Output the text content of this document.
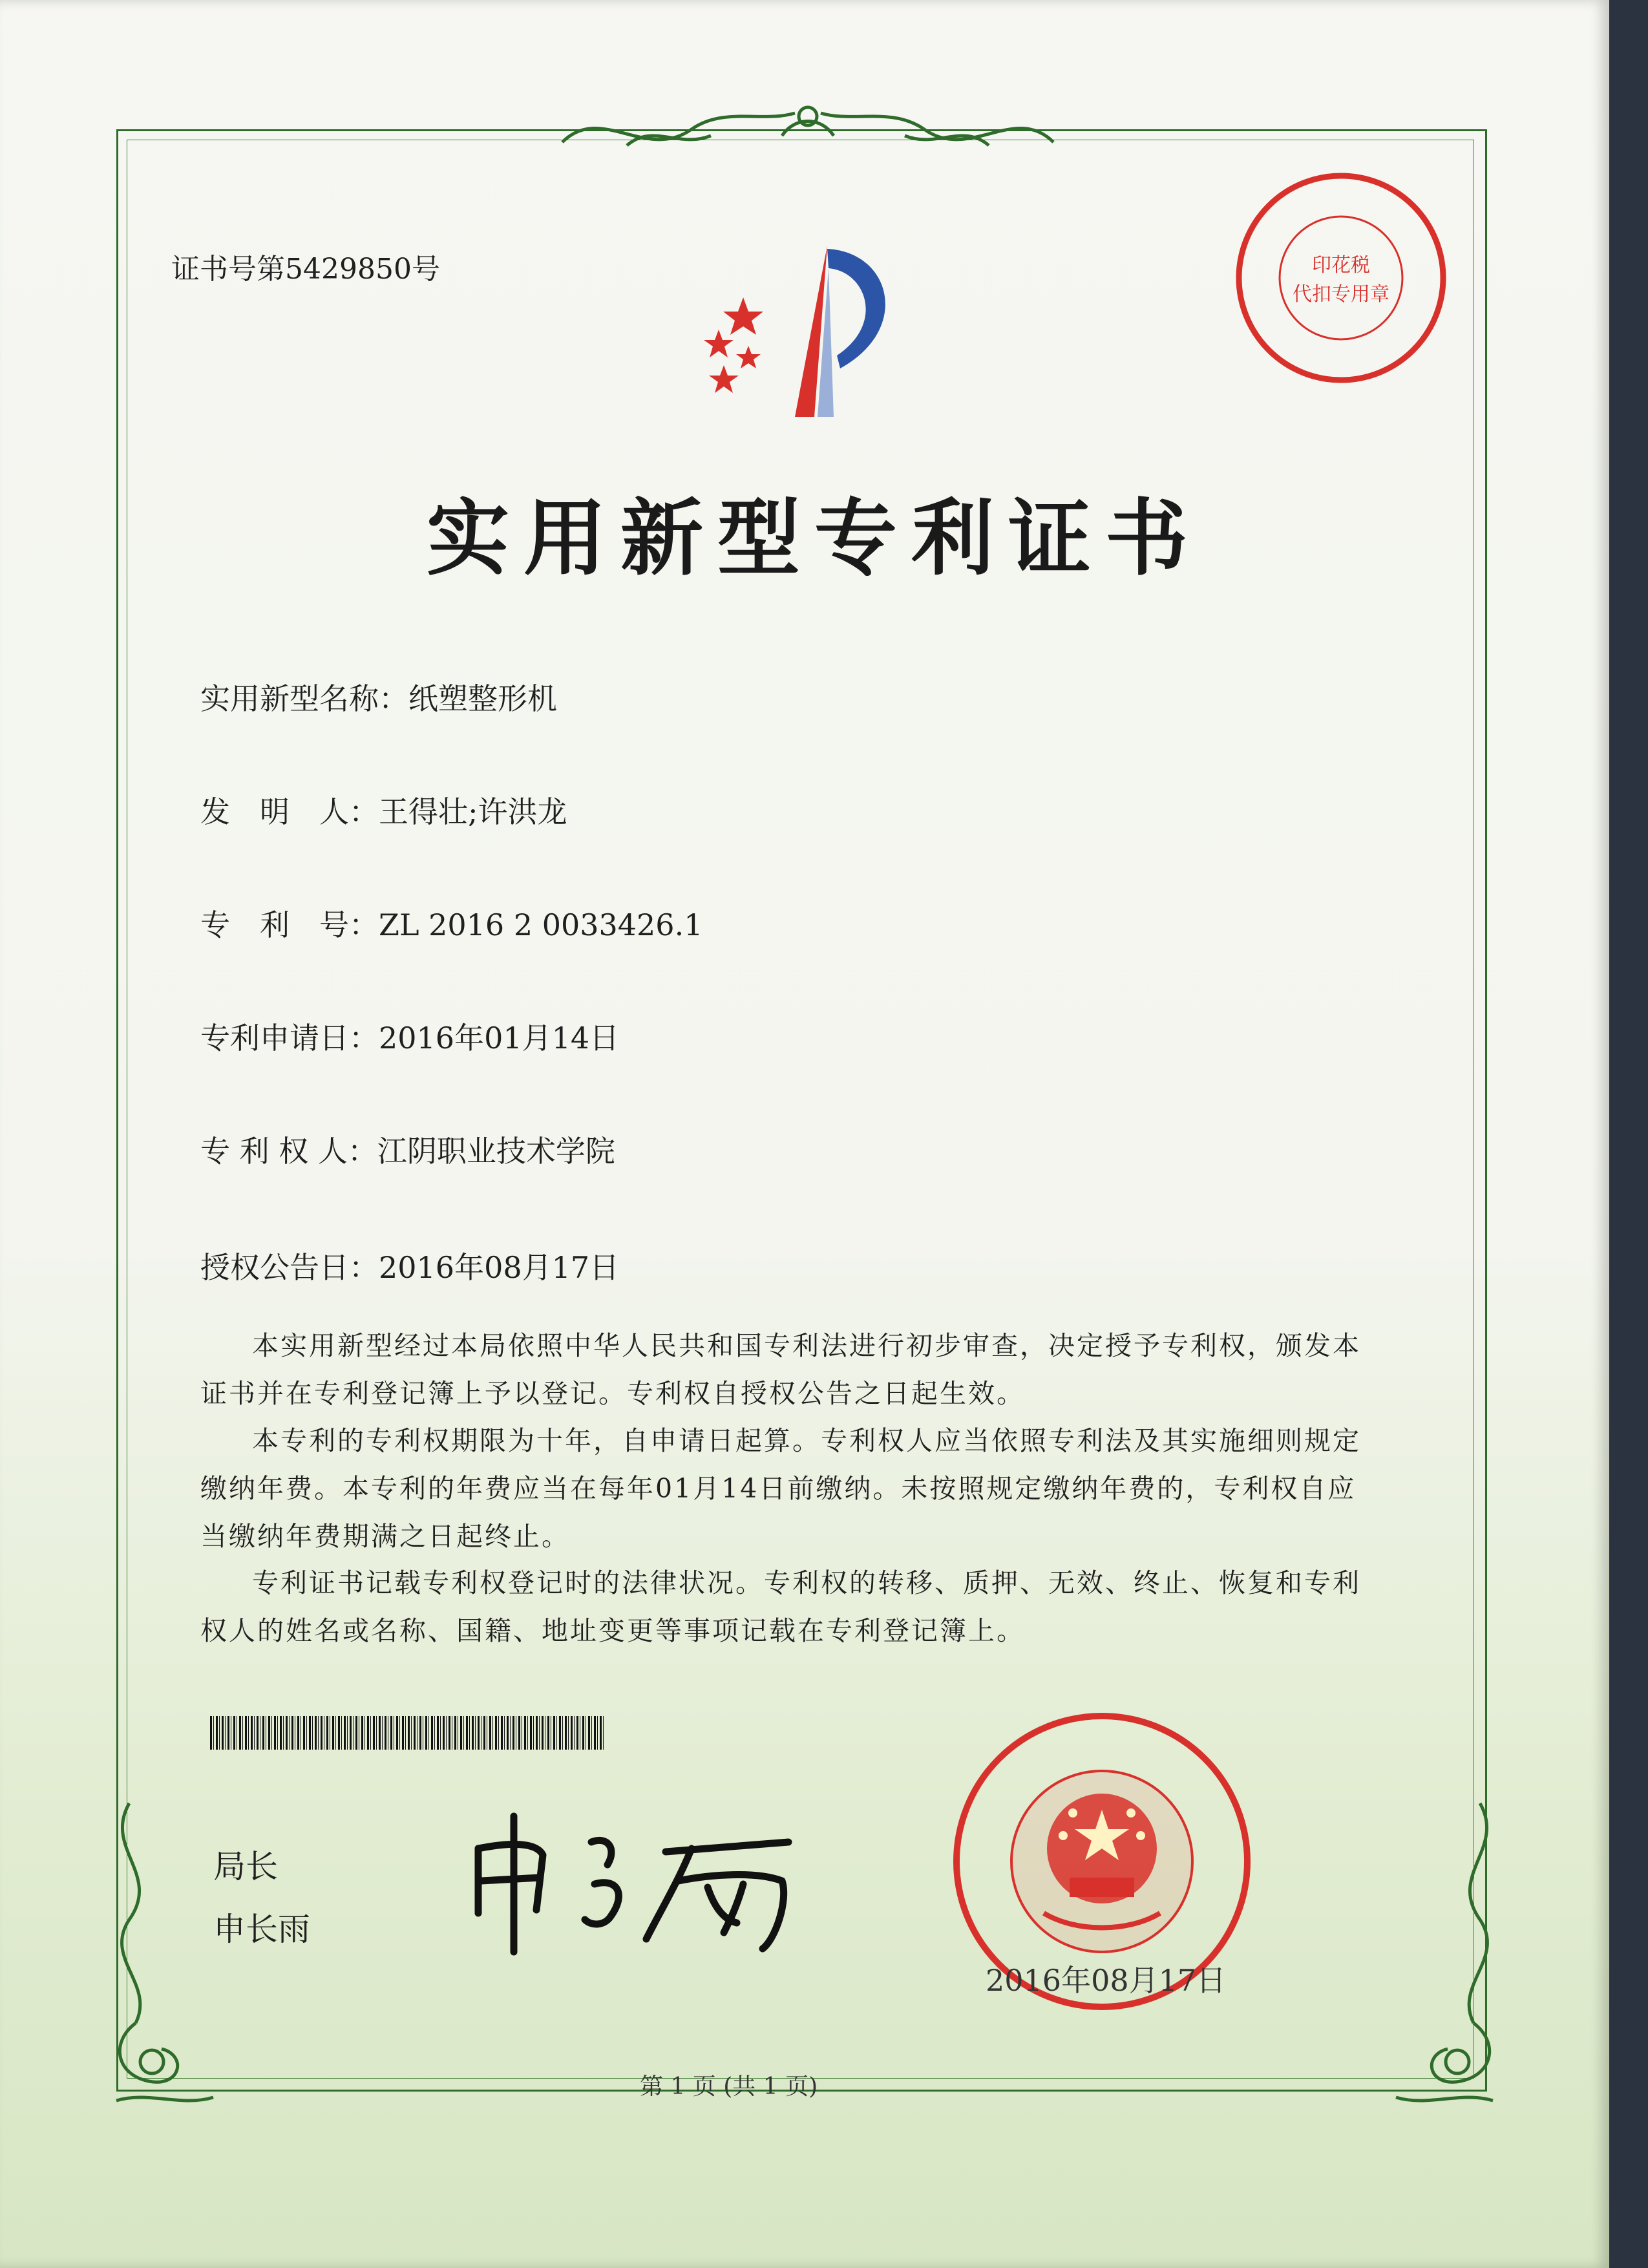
印花税
代扣专用章
证书号第5429850号
实用新型专利证书
实用新型名称：纸塑整形机
发　明　人：王得壮;许洪龙
专　利　号：ZL 2016 2 0033426.1
专利申请日：2016年01月14日
专 利 权 人：江阴职业技术学院
授权公告日：2016年08月17日
本实用新型经过本局依照中华人民共和国专利法进行初步审查，决定授予专利权，颁发本证书并在专利登记簿上予以登记。专利权自授权公告之日起生效。
本专利的专利权期限为十年，自申请日起算。专利权人应当依照专利法及其实施细则规定缴纳年费。本专利的年费应当在每年01月14日前缴纳。未按照规定缴纳年费的，专利权自应当缴纳年费期满之日起终止。
专利证书记载专利权登记时的法律状况。专利权的转移、质押、无效、终止、恢复和专利权人的姓名或名称、国籍、地址变更等事项记载在专利登记簿上。
局长
申长雨
2016年08月17日
第 1 页 (共 1 页)
